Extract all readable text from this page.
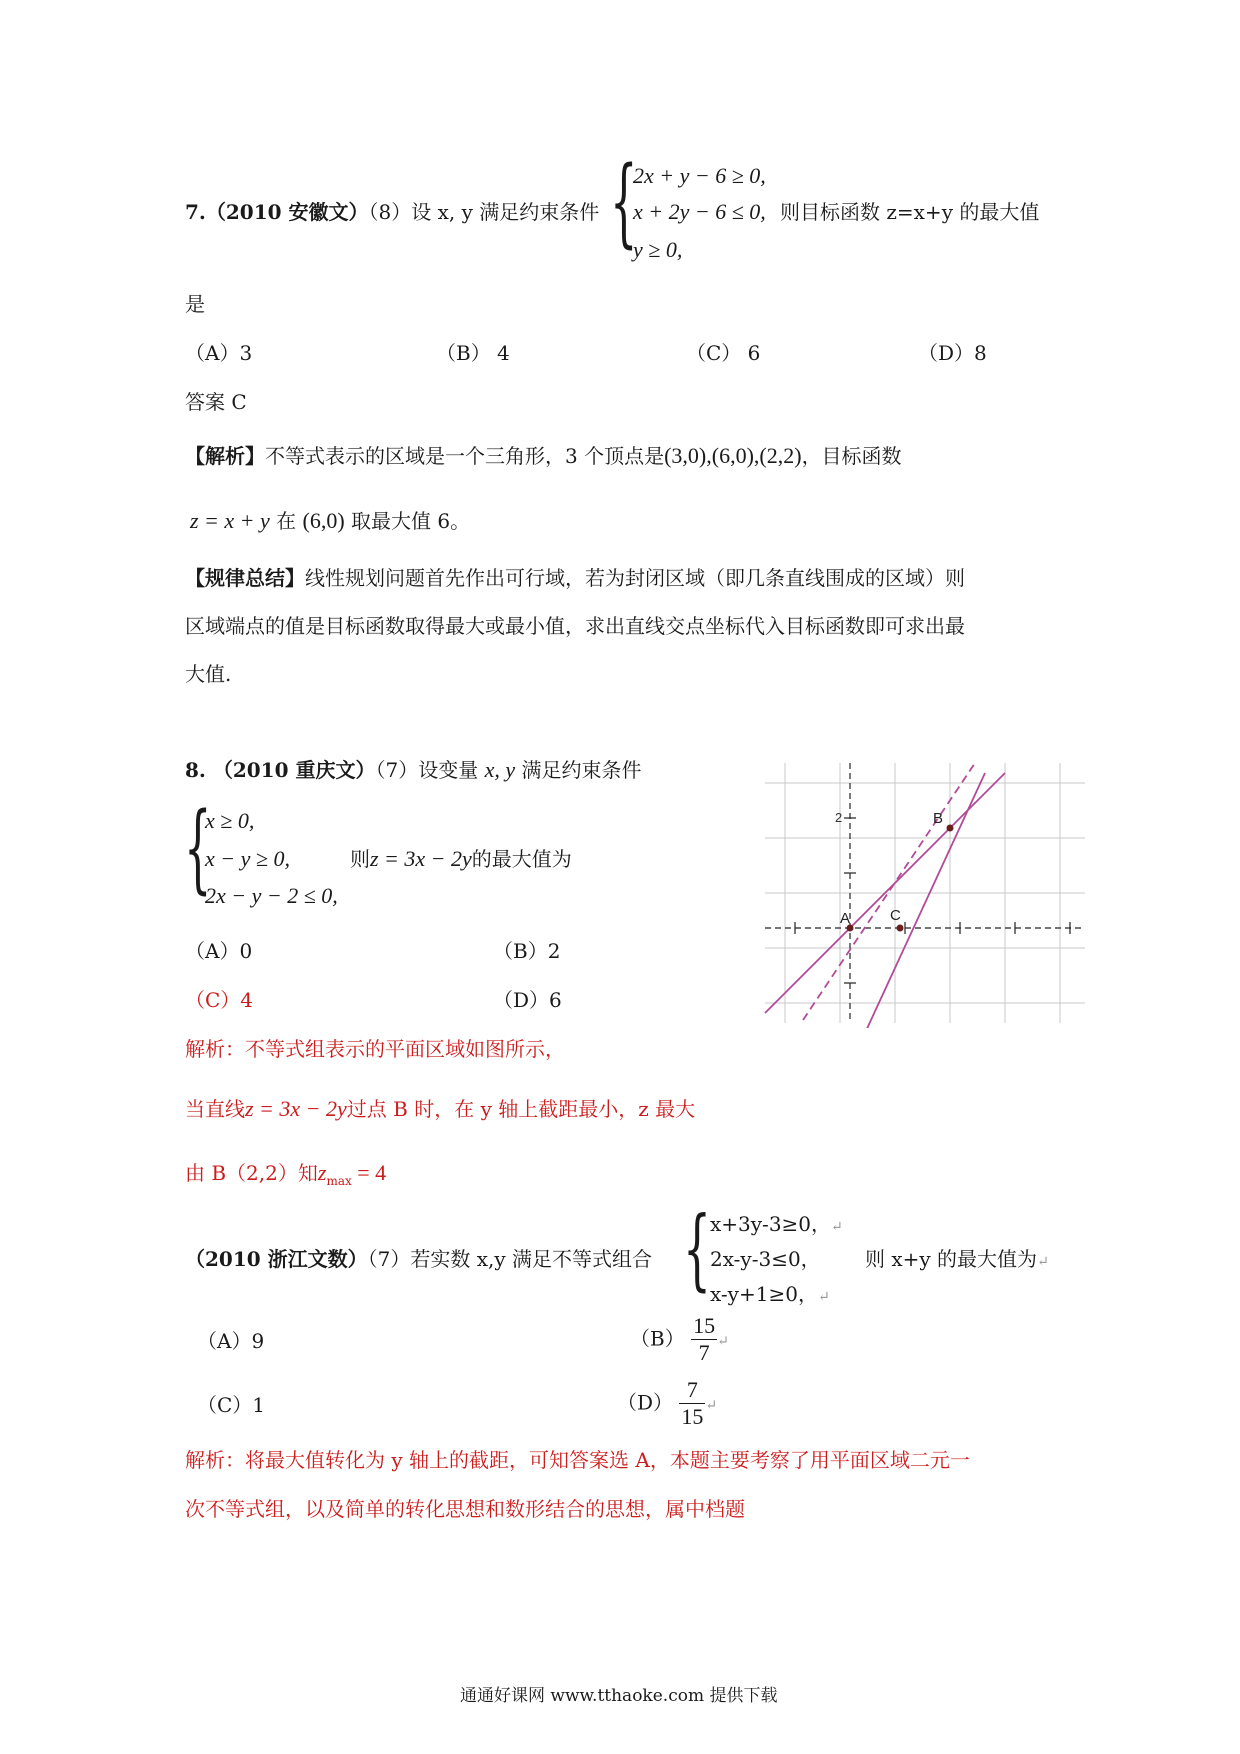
7.（2010 安徽文）（8）设 x, y 满足约束条件 {
2x + y − 6 ≥ 0,
x + 2y − 6 ≤ 0,
y ≥ 0,
则目标函数 z=x+y 的最大值
是
（A）3	（B） 4	（C） 6	（D）8
答案 C
【解析】不等式表示的区域是一个三角形，3 个顶点是(3,0),(6,0),(2,2)，目标函数
z = x + y 在 (6,0) 取最大值 6。
【规律总结】线性规划问题首先作出可行域，若为封闭区域（即几条直线围成的区域）则
区域端点的值是目标函数取得最大或最小值，求出直线交点坐标代入目标函数即可求出最
大值.
8. （2010 重庆文）（7）设变量 x, y 满足约束条件
{
x ≥ 0,
x − y ≥ 0,
2x − y − 2 ≤ 0,
则z = 3x − 2y的最大值为
（A）0	（B）2
（C）4	（D）6
解析：不等式组表示的平面区域如图所示，
当直线z = 3x − 2y过点 B 时，在 y 轴上截距最小，z 最大
由 B（2,2）知$z_{max} = 4$
2
A
B
C
（2010 浙江文数）（7）若实数 x,y 满足不等式组合 { x+3y-3≥0，↵
2x-y-3≤0，
x-y+1≥0，↵
则 x+y 的最大值为↵
（A）9	$(B) \frac{15}{7}$ ↵
（C）1	$(D) \frac{7}{15}$ ↵
解析：将最大值转化为 y 轴上的截距，可知答案选 A，本题主要考察了用平面区域二元一
次不等式组，以及简单的转化思想和数形结合的思想，属中档题
通通好课网 www.tthaoke.com 提供下载
